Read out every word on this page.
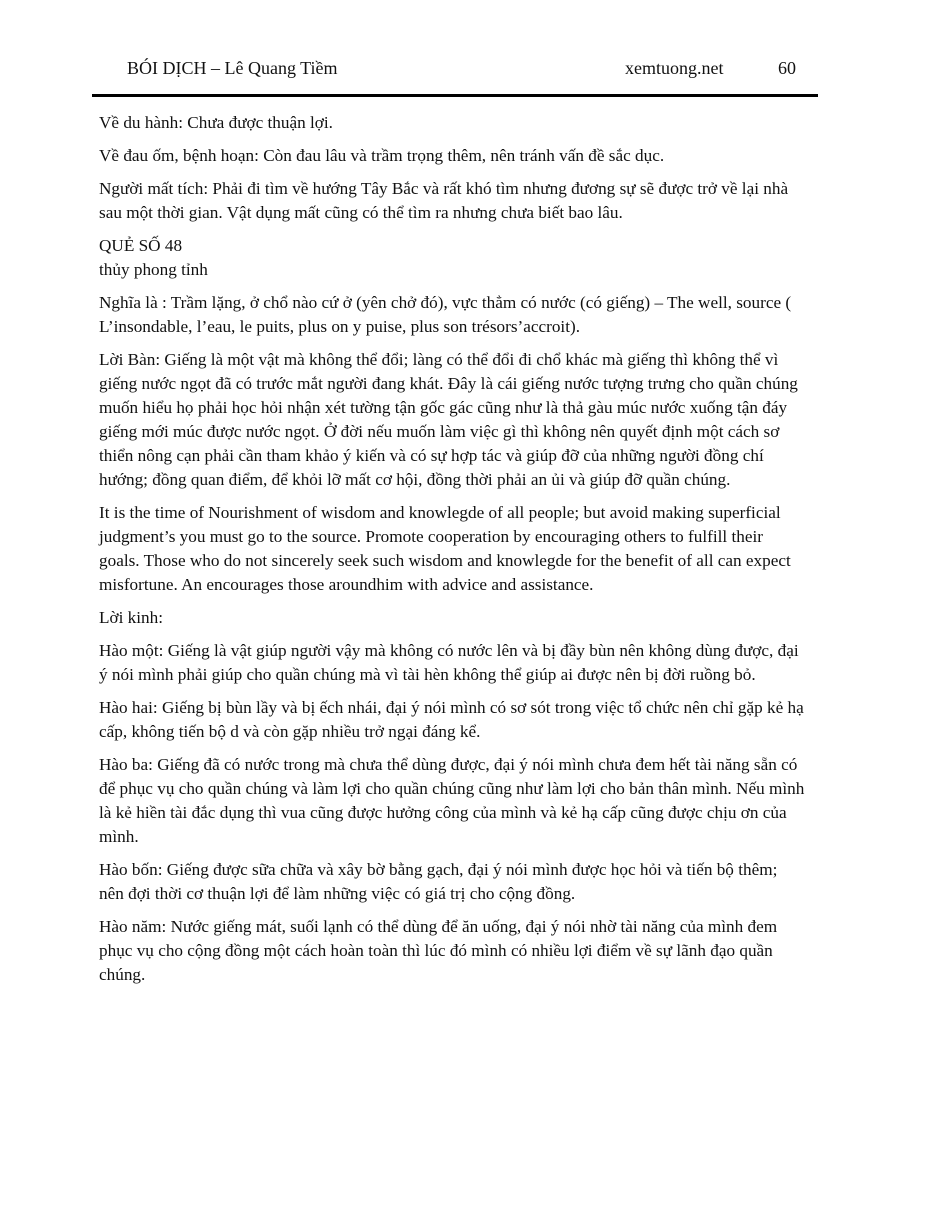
BÓI DỊCH – Lê Quang Tiềm	xemtuong.net	60

Về du hành: Chưa được thuận lợi.

Về đau ốm, bệnh hoạn: Còn đau lâu và trầm trọng thêm, nên tránh vấn đề sắc dục.

Người mất tích: Phải đi tìm về hướng Tây Bắc và rất khó tìm nhưng đương sự sẽ được trở về lại nhà sau một thời gian. Vật dụng mất cũng có thể tìm ra nhưng chưa biết bao lâu.

QUẺ SỐ 48

thủy phong tỉnh

Nghĩa là : Trầm lặng, ở chổ nào cứ ở (yên chở đó), vực thẳm có nước (có giếng) – The well, source ( L’insondable, l’eau, le puits, plus on y puise, plus son trésors’accroit).

Lời Bàn: Giếng là một vật mà không thể đổi; làng có thể đổi đi chổ khác mà giếng thì không thể vì giếng nước ngọt đã có trước mắt người đang khát. Đây là cái giếng nước tượng trưng cho quần chúng muốn hiểu họ phải học hỏi nhận xét tường tận gốc gác cũng như là thả gàu múc nước xuống tận đáy giếng mới múc được nước ngọt. Ở đời nếu muốn làm việc gì thì không nên quyết định một cách sơ thiển nông cạn phải cần tham khảo ý kiến và có sự hợp tác và giúp đỡ của những người đồng chí hướng; đồng quan điểm, để khỏi lỡ mất cơ hội, đồng thời phải an ủi và giúp đỡ quần chúng.

It is the time of Nourishment of wisdom and knowlegde of all people; but avoid making superficial judgment’s you must go to the source. Promote cooperation by encouraging others to fulfill their goals. Those who do not sincerely seek such wisdom and knowlegde for the benefit of all can expect misfortune. An encourages those aroundhim with advice and assistance.

Lời kinh:

Hào một: Giếng là vật giúp người vậy mà không có nước lên và bị đầy bùn nên không dùng được, đại ý nói mình phải giúp cho quần chúng mà vì tài hèn không thể giúp ai được nên bị đời ruồng bỏ.

Hào hai: Giếng bị bùn lầy và bị ếch nhái, đại ý nói mình có sơ sót trong việc tổ chức nên chỉ gặp kẻ hạ cấp, không tiến bộ d và còn gặp nhiều trở ngại đáng kể.

Hào ba: Giếng đã có nước trong mà chưa thể dùng được, đại ý nói mình chưa đem hết tài năng sẵn có để phục vụ cho quần chúng và làm lợi cho quần chúng cũng như làm lợi cho bản thân mình. Nếu mình là kẻ hiền tài đắc dụng thì vua cũng được hưởng công của mình và kẻ hạ cấp cũng được chịu ơn của mình.

Hào bốn: Giếng được sữa chữa và xây bờ bằng gạch, đại ý nói mình được học hỏi và tiến bộ thêm; nên đợi thời cơ thuận lợi để làm những việc có giá trị cho cộng đồng.

Hào năm: Nước giếng mát, suối lạnh có thể dùng để ăn uống, đại ý nói nhờ tài năng của mình đem phục vụ cho cộng đồng một cách hoàn toàn thì lúc đó mình có nhiều lợi điểm về sự lãnh đạo quần chúng.
